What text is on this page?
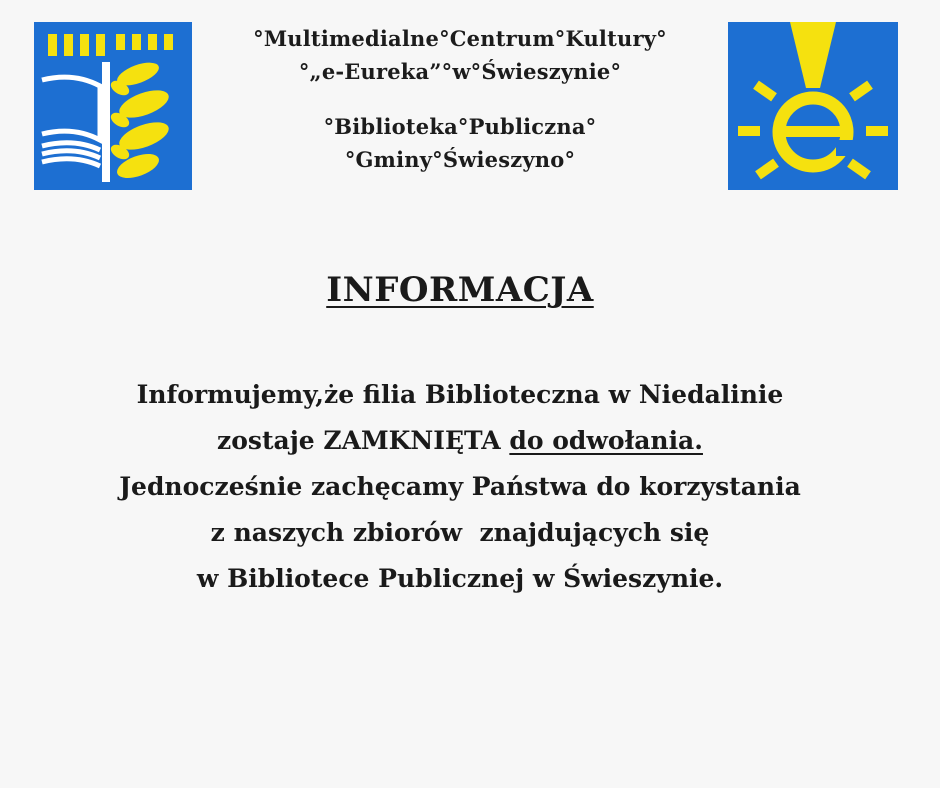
°Multimedialne°Centrum°Kultury°
°„e-Eureka”°w°Świeszynie°
°Biblioteka°Publiczna°
°Gminy°Świeszyno°
INFORMACJA
Informujemy,że filia Biblioteczna w Niedalinie
zostaje ZAMKNIĘTA do odwołania.
Jednocześnie zachęcamy Państwa do korzystania
z naszych zbiorów  znajdujących się
w Bibliotece Publicznej w Świeszynie.
